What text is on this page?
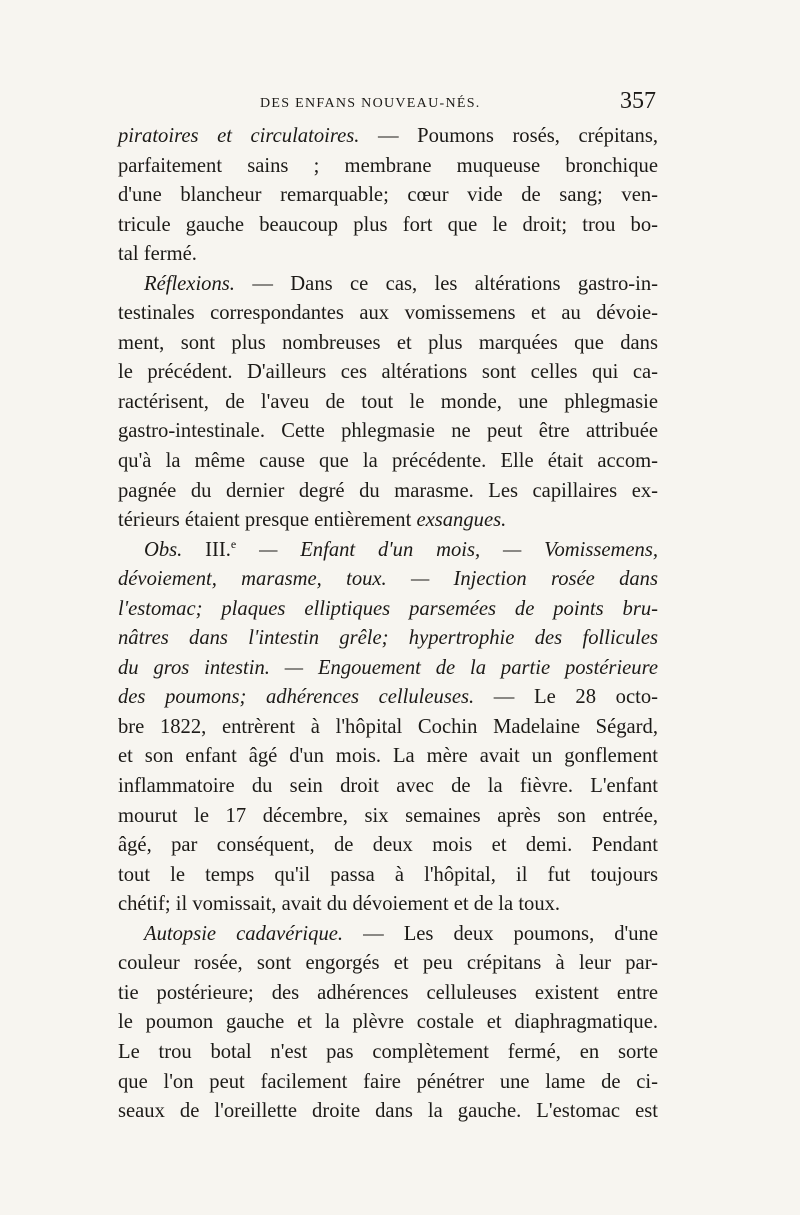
DES ENFANS NOUVEAU-NÉS.	357
piratoires et circulatoires. — Poumons rosés, crépitans,
parfaitement sains ; membrane muqueuse bronchique
d'une blancheur remarquable; cœur vide de sang; ven-
tricule gauche beaucoup plus fort que le droit; trou bo-
tal fermé.
Réflexions. — Dans ce cas, les altérations gastro-in-
testinales correspondantes aux vomissemens et au dévoie-
ment, sont plus nombreuses et plus marquées que dans
le précédent. D'ailleurs ces altérations sont celles qui ca-
ractérisent, de l'aveu de tout le monde, une phlegmasie
gastro-intestinale. Cette phlegmasie ne peut être attribuée
qu'à la même cause que la précédente. Elle était accom-
pagnée du dernier degré du marasme. Les capillaires ex-
térieurs étaient presque entièrement exsangues.
Obs. III.$^e$ — Enfant d'un mois, — Vomissemens,
dévoiement, marasme, toux. — Injection rosée dans
l'estomac; plaques elliptiques parsemées de points bru-
nâtres dans l'intestin grêle; hypertrophie des follicules
du gros intestin. — Engouement de la partie postérieure
des poumons; adhérences celluleuses. — Le 28 octo-
bre 1822, entrèrent à l'hôpital Cochin Madelaine Ségard,
et son enfant âgé d'un mois. La mère avait un gonflement
inflammatoire du sein droit avec de la fièvre. L'enfant
mourut le 17 décembre, six semaines après son entrée,
âgé, par conséquent, de deux mois et demi. Pendant
tout le temps qu'il passa à l'hôpital, il fut toujours
chétif; il vomissait, avait du dévoiement et de la toux.
Autopsie cadavérique. — Les deux poumons, d'une
couleur rosée, sont engorgés et peu crépitans à leur par-
tie postérieure; des adhérences celluleuses existent entre
le poumon gauche et la plèvre costale et diaphragmatique.
Le trou botal n'est pas complètement fermé, en sorte
que l'on peut facilement faire pénétrer une lame de ci-
seaux de l'oreillette droite dans la gauche. L'estomac est
